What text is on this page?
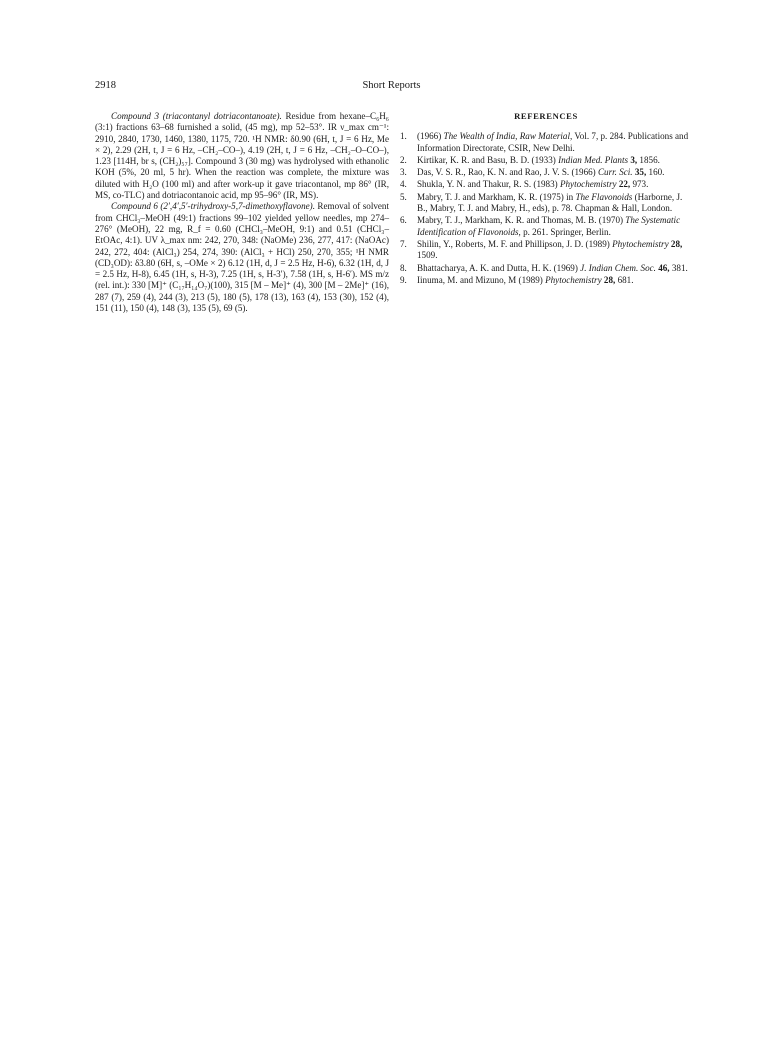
2918	Short Reports

Compound 3 (triacontanyl dotriacontanoate). Residue from hexane–C₆H₆ (3:1) fractions 63–68 furnished a solid, (45 mg), mp 52–53°. IR ν_max cm⁻¹: 2910, 2840, 1730, 1460, 1380, 1175, 720. ¹H NMR: δ0.90 (6H, t, J = 6 Hz, Me × 2), 2.29 (2H, t, J = 6 Hz, –CH₂–CO–), 4.19 (2H, t, J = 6 Hz, –CH₂–O–CO–), 1.23 [114H, br s, (CH₂)₅₇]. Compound 3 (30 mg) was hydrolysed with ethanolic KOH (5%, 20 ml, 5 hr). When the reaction was complete, the mixture was diluted with H₂O (100 ml) and after work-up it gave triacontanol, mp 86° (IR, MS, co-TLC) and dotriacontanoic acid, mp 95–96° (IR, MS).

Compound 6 (2′,4′,5′-trihydroxy-5,7-dimethoxyflavone). Removal of solvent from CHCl₃–MeOH (49:1) fractions 99–102 yielded yellow needles, mp 274–276° (MeOH), 22 mg, R_f = 0.60 (CHCl₃–MeOH, 9:1) and 0.51 (CHCl₃–EtOAc, 4:1). UV λ_max nm: 242, 270, 348: (NaOMe) 236, 277, 417: (NaOAc) 242, 272, 404: (AlCl₃) 254, 274, 390: (AlCl₃ + HCl) 250, 270, 355; ¹H NMR (CD₃OD): δ3.80 (6H, s, –OMe × 2) 6.12 (1H, d, J = 2.5 Hz, H-6), 6.32 (1H, d, J = 2.5 Hz, H-8), 6.45 (1H, s, H-3), 7.25 (1H, s, H-3′), 7.58 (1H, s, H-6′). MS m/z (rel. int.): 330 [M]⁺ (C₁₇H₁₄O₇)(100), 315 [M – Me]⁺ (4), 300 [M – 2Me]⁺ (16), 287 (7), 259 (4), 244 (3), 213 (5), 180 (5), 178 (13), 163 (4), 153 (30), 152 (4), 151 (11), 150 (4), 148 (3), 135 (5), 69 (5).

REFERENCES
1. (1966) The Wealth of India, Raw Material, Vol. 7, p. 284. Publications and Information Directorate, CSIR, New Delhi.
2. Kirtikar, K. R. and Basu, B. D. (1933) Indian Med. Plants 3, 1856.
3. Das, V. S. R., Rao, K. N. and Rao, J. V. S. (1966) Curr. Sci. 35, 160.
4. Shukla, Y. N. and Thakur, R. S. (1983) Phytochemistry 22, 973.
5. Mabry, T. J. and Markham, K. R. (1975) in The Flavonoids (Harborne, J. B., Mabry, T. J. and Mabry, H., eds), p. 78. Chapman & Hall, London.
6. Mabry, T. J., Markham, K. R. and Thomas, M. B. (1970) The Systematic Identification of Flavonoids, p. 261. Springer, Berlin.
7. Shilin, Y., Roberts, M. F. and Phillipson, J. D. (1989) Phytochemistry 28, 1509.
8. Bhattacharya, A. K. and Dutta, H. K. (1969) J. Indian Chem. Soc. 46, 381.
9. Iinuma, M. and Mizuno, M (1989) Phytochemistry 28, 681.
